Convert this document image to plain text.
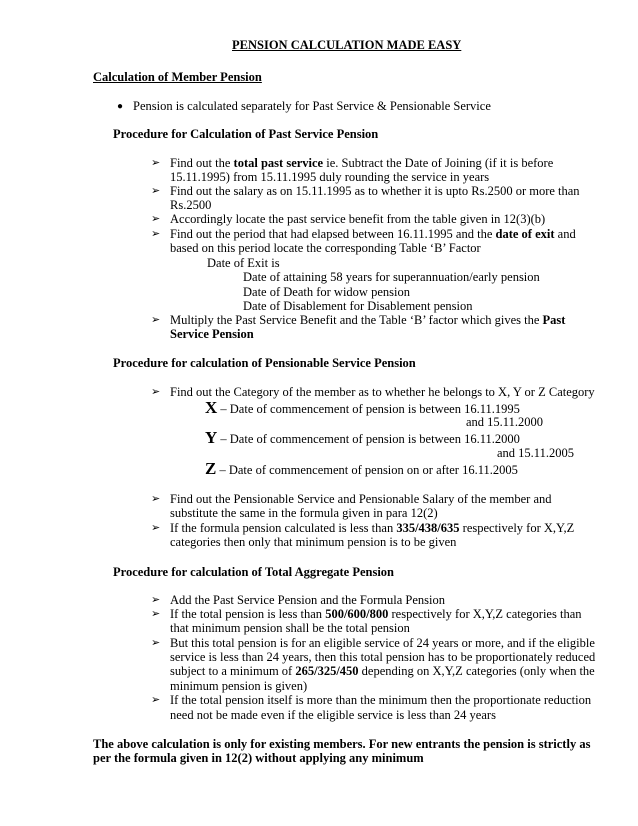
PENSION CALCULATION MADE EASY
Calculation of Member Pension
● Pension is calculated separately for Past Service & Pensionable Service
Procedure for Calculation of Past Service Pension
➢ Find out the total past service ie. Subtract the Date of Joining (if it is before
15.11.1995) from 15.11.1995 duly rounding the service in years
➢ Find out the salary as on 15.11.1995 as to whether it is upto Rs.2500 or more than
Rs.2500
➢ Accordingly locate the past service benefit from the table given in 12(3)(b)
➢ Find out the period that had elapsed between 16.11.1995 and the date of exit and
based on this period locate the corresponding Table ‘B’ Factor
Date of Exit is
Date of attaining 58 years for superannuation/early pension
Date of Death for widow pension
Date of Disablement for Disablement pension
➢ Multiply the Past Service Benefit and the Table ‘B’ factor which gives the Past
Service Pension
Procedure for calculation of Pensionable Service Pension
➢ Find out the Category of the member as to whether he belongs to X, Y or Z Category
X – Date of commencement of pension is between 16.11.1995
and 15.11.2000
Y – Date of commencement of pension is between 16.11.2000
and 15.11.2005
Z – Date of commencement of pension on or after 16.11.2005
➢ Find out the Pensionable Service and Pensionable Salary of the member and
substitute the same in the formula given in para 12(2)
➢ If the formula pension calculated is less than 335/438/635 respectively for X,Y,Z
categories then only that minimum pension is to be given
Procedure for calculation of Total Aggregate Pension
➢ Add the Past Service Pension and the Formula Pension
➢ If the total pension is less than 500/600/800 respectively for X,Y,Z categories than
that minimum pension shall be the total pension
➢ But this total pension is for an eligible service of 24 years or more, and if the eligible
service is less than 24 years, then this total pension has to be proportionately reduced
subject to a minimum of 265/325/450 depending on X,Y,Z categories (only when the
minimum pension is given)
➢ If the total pension itself is more than the minimum then the proportionate reduction
need not be made even if the eligible service is less than 24 years
The above calculation is only for existing members. For new entrants the pension is strictly as
per the formula given in 12(2) without applying any minimum
